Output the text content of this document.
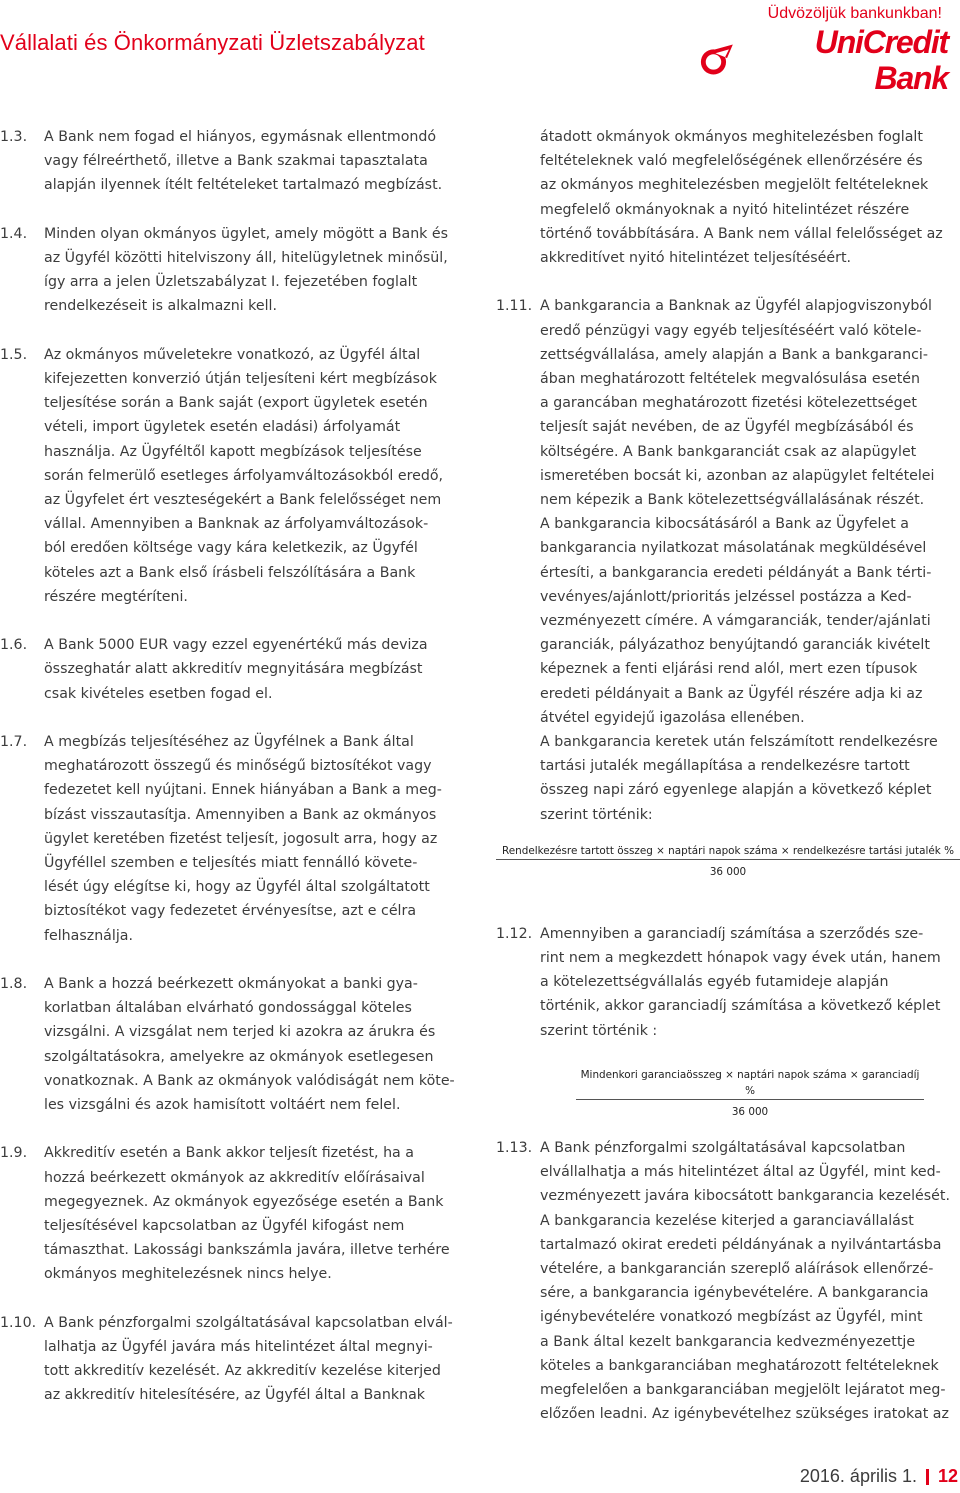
Vállalati és Önkormányzati Üzletszabályzat
Üdvözöljük bankunkban!
UniCredit Bank
1.3.	A Bank nem fogad el hiányos, egymásnak ellentmondó
vagy félreérthető, illetve a Bank szakmai tapasztalata
alapján ilyennek ítélt feltételeket tartalmazó megbízást.
1.4.	Minden olyan okmányos ügylet, amely mögött a Bank és
az Ügyfél közötti hitelviszony áll, hitelügyletnek minősül,
így arra a jelen Üzletszabályzat I. fejezetében foglalt
rendelkezéseit is alkalmazni kell.
1.5.	Az okmányos műveletekre vonatkozó, az Ügyfél által
kifejezetten konverzió útján teljesíteni kért megbízások
teljesítése során a Bank saját (export ügyletek esetén
vételi, import ügyletek esetén eladási) árfolyamát
használja. Az Ügyféltől kapott megbízások teljesítése
során felmerülő esetleges árfolyamváltozásokból eredő,
az Ügyfelet ért veszteségekért a Bank felelősséget nem
vállal. Amennyiben a Banknak az árfolyamváltozások-
ból eredően költsége vagy kára keletkezik, az Ügyfél
köteles azt a Bank első írásbeli felszólítására a Bank
részére megtéríteni.
1.6.	A Bank 5000 EUR vagy ezzel egyenértékű más deviza
összeghatár alatt akkreditív megnyitására megbízást
csak kivételes esetben fogad el.
1.7.	A megbízás teljesítéséhez az Ügyfélnek a Bank által
meghatározott összegű és minőségű biztosítékot vagy
fedezetet kell nyújtani. Ennek hiányában a Bank a meg-
bízást visszautasítja. Amennyiben a Bank az okmányos
ügylet keretében fizetést teljesít, jogosult arra, hogy az
Ügyféllel szemben e teljesítés miatt fennálló követe-
lését úgy elégítse ki, hogy az Ügyfél által szolgáltatott
biztosítékot vagy fedezetet érvényesítse, azt e célra
felhasználja.
1.8.	A Bank a hozzá beérkezett okmányokat a banki gya-
korlatban általában elvárható gondossággal köteles
vizsgálni. A vizsgálat nem terjed ki azokra az árukra és
szolgáltatásokra, amelyekre az okmányok esetlegesen
vonatkoznak. A Bank az okmányok valódiságát nem köte-
les vizsgálni és azok hamisított voltáért nem felel.
1.9.	Akkreditív esetén a Bank akkor teljesít fizetést, ha a
hozzá beérkezett okmányok az akkreditív előírásaival
megegyeznek. Az okmányok egyezősége esetén a Bank
teljesítésével kapcsolatban az Ügyfél kifogást nem
támaszthat. Lakossági bankszámla javára, illetve terhére
okmányos meghitelezésnek nincs helye.
1.10. A Bank pénzforgalmi szolgáltatásával kapcsolatban elvál-
lalhatja az Ügyfél javára más hitelintézet által megnyi-
tott akkreditív kezelését. Az akkreditív kezelése kiterjed
az akkreditív hitelesítésére, az Ügyfél által a Banknak
átadott okmányok okmányos meghitelezésben foglalt
feltételeknek való megfelelőségének ellenőrzésére és
az okmányos meghitelezésben megjelölt feltételeknek
megfelelő okmányoknak a nyitó hitelintézet részére
történő továbbítására. A Bank nem vállal felelősséget az
akkreditívet nyitó hitelintézet teljesítéséért.
1.11. A bankgarancia a Banknak az Ügyfél alapjogviszonyból
eredő pénzügyi vagy egyéb teljesítéséért való kötele-
zettségvállalása, amely alapján a Bank a bankgaranci-
ában meghatározott feltételek megvalósulása esetén
a garancában meghatározott fizetési kötelezettséget
teljesít saját nevében, de az Ügyfél megbízásából és
költségére. A Bank bankgaranciát csak az alapügylet
ismeretében bocsát ki, azonban az alapügylet feltételei
nem képezik a Bank kötelezettségvállalásának részét.
A bankgarancia kibocsátásáról a Bank az Ügyfelet a
bankgarancia nyilatkozat másolatának megküldésével
értesíti, a bankgarancia eredeti példányát a Bank térti-
vevényes/ajánlott/prioritás jelzéssel postázza a Ked-
vezményezett címére. A vámgaranciák, tender/ajánlati
garanciák, pályázathoz benyújtandó garanciák kivételt
képeznek a fenti eljárási rend alól, mert ezen típusok
eredeti példányait a Bank az Ügyfél részére adja ki az
átvétel egyidejű igazolása ellenében.
A bankgarancia keretek után felszámított rendelkezésre
tartási jutalék megállapítása a rendelkezésre tartott
összeg napi záró egyenlege alapján a következő képlet
szerint történik:
Rendelkezésre tartott összeg × naptári napok száma × rendelkezésre tartási jutalék %
36 000
1.12. Amennyiben a garanciadíj számítása a szerződés sze-
rint nem a megkezdett hónapok vagy évek után, hanem
a kötelezettségvállalás egyéb futamideje alapján
történik, akkor garanciadíj számítása a következő képlet
szerint történik :
Mindenkori garanciaösszeg × naptári napok száma × garanciadíj %
36 000
1.13. A Bank pénzforgalmi szolgáltatásával kapcsolatban
elvállalhatja a más hitelintézet által az Ügyfél, mint ked-
vezményezett javára kibocsátott bankgarancia kezelését.
A bankgarancia kezelése kiterjed a garanciavállalást
tartalmazó okirat eredeti példányának a nyilvántartásba
vételére, a bankgarancián szereplő aláírások ellenőrzé-
sére, a bankgarancia igénybevételére. A bankgarancia
igénybevételére vonatkozó megbízást az Ügyfél, mint
a Bank által kezelt bankgarancia kedvezményezettje
köteles a bankgaranciában meghatározott feltételeknek
megfelelően a bankgaranciában megjelölt lejáratot meg-
előzően leadni. Az igénybevételhez szükséges iratokat az
2016. április 1. 12
